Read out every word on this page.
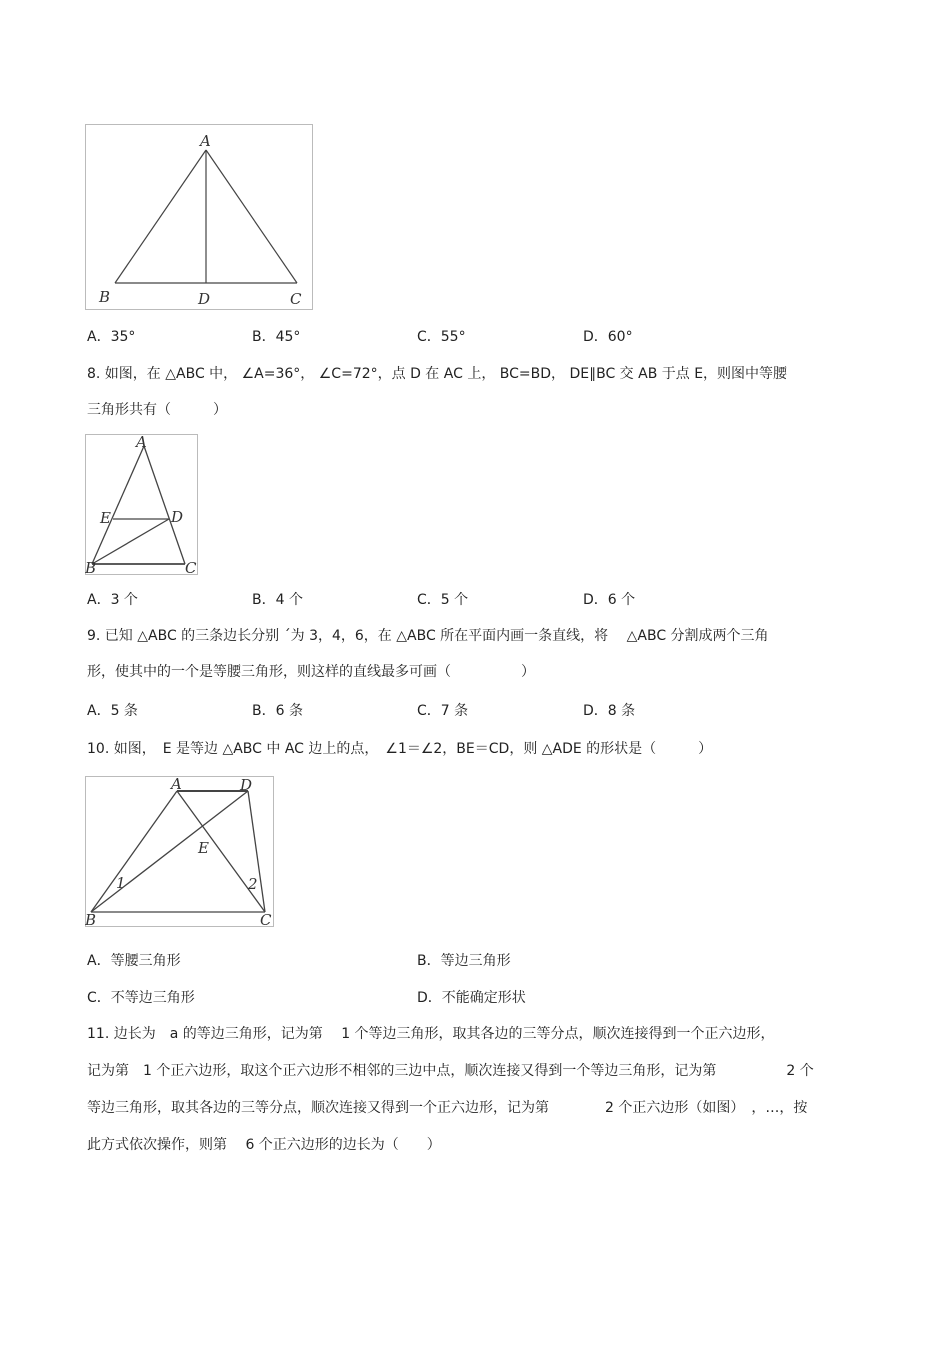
A
B	D	C
A．35°	B．45°	C．55°	D．60°
8. 如图，在 △ABC 中， ∠A=36°， ∠C=72°，点 D 在 AC 上， BC=BD， DE∥BC 交 AB 于点 E，则图中等腰
三角形共有（　　　）
A
E	D
B	C
A．3 个	B．4 个	C．5 个	D．6 个
9. 已知 △ABC 的三条边长分别 ˊ为 3，4，6，在 △ABC 所在平面内画一条直线，将　 △ABC 分割成两个三角
形，使其中的一个是等腰三角形，则这样的直线最多可画（　　　　　）
A．5 条	B．6 条	C．7 条	D．8 条
10. 如图，　E 是等边 △ABC 中 AC 边上的点，　∠1＝∠2，BE＝CD，则 △ADE 的形状是（　　　）
A	D
E
1	2
B	C
A．等腰三角形	B．等边三角形
C．不等边三角形	D．不能确定形状
11. 边长为　a 的等边三角形，记为第　 1 个等边三角形，取其各边的三等分点，顺次连接得到一个正六边形，
记为第　1 个正六边形，取这个正六边形不相邻的三边中点，顺次连接又得到一个等边三角形，记为第　　　　　2 个
等边三角形，取其各边的三等分点，顺次连接又得到一个正六边形，记为第　　　　2 个正六边形（如图）　，…，按
此方式依次操作，则第　 6 个正六边形的边长为（　　）
